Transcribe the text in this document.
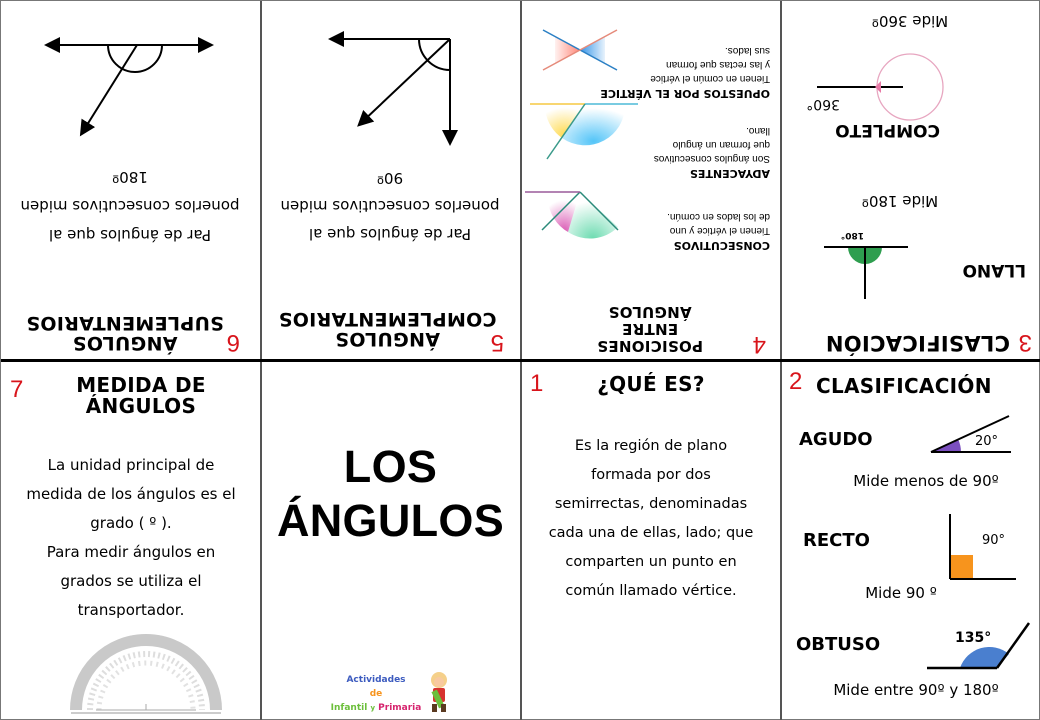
6
ÁNGULOS
SUPLEMENTARIOS
Par de ángulos que al
ponerlos consecutivos miden
180º
5
ÁNGULOS
COMPLEMENTARIOS
Par de ángulos que al
ponerlos consecutivos miden
90º
4
POSICIONES
ENTRE
ÁNGULOS
CONSECUTIVOS
Tienen el vértice y uno
de los lados en común.
ADYACENTES
Son ángulos consecutivos
que forman un ángulo
llano.
OPUESTOS POR EL VÉRTICE
Tienen en común el vértice
y las rectas que forman
sus lados.
3
CLASIFICACIÓN
LLANO
180°
Mide 180º
COMPLETO
360°
Mide 360º
7	MEDIDA DE
ÁNGULOS
La unidad principal de
medida de los ángulos es el
grado ( º ).
Para medir ángulos en
grados se utiliza el
transportador.
LOS
ÁNGULOS
Actividades
de
Infantil y Primaria
1	¿QUÉ ES?
Es la región de plano
formada por dos
semirrectas, denominadas
cada una de ellas, lado; que
comparten un punto en
común llamado vértice.
2 CLASIFICACIÓN
AGUDO	20°
Mide menos de 90º
RECTO	90°
Mide 90 º
OBTUSO	135°
Mide entre 90º y 180º
